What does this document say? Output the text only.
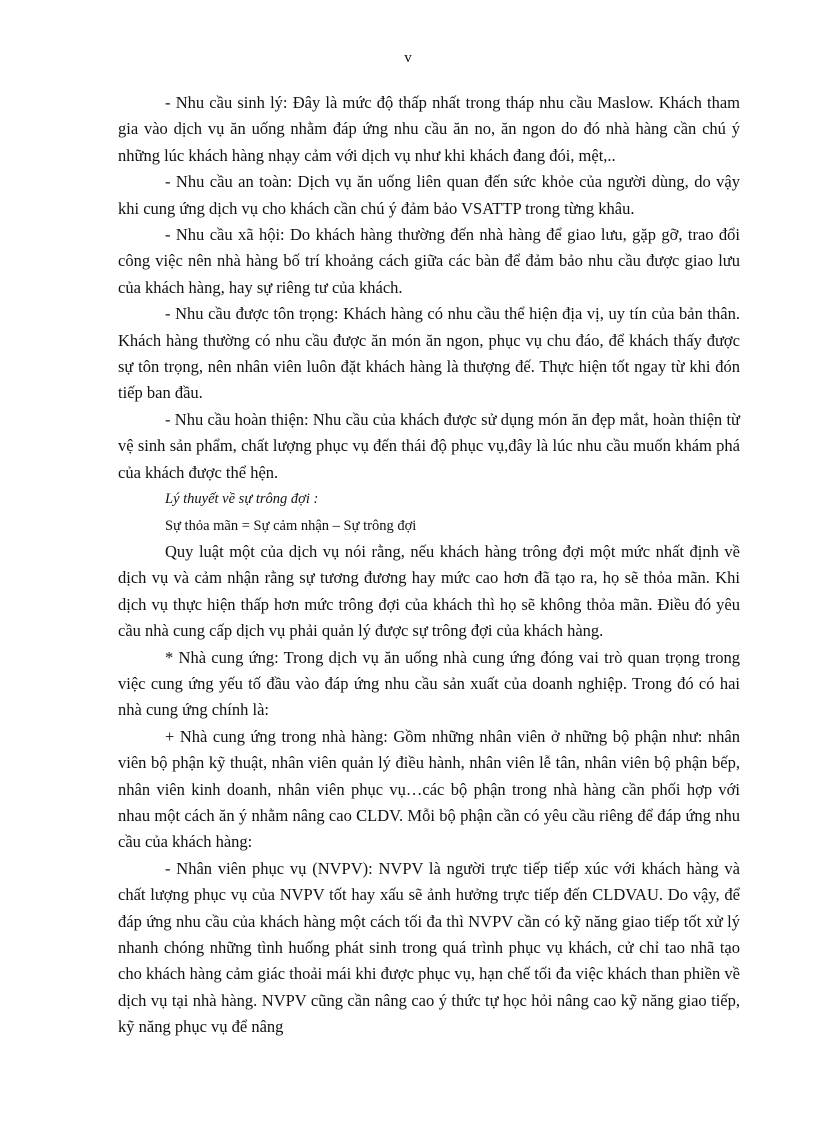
v

- Nhu cầu sinh lý: Đây là mức độ thấp nhất trong tháp nhu cầu Maslow. Khách tham gia vào dịch vụ ăn uống nhằm đáp ứng nhu cầu ăn no, ăn ngon do đó nhà hàng cần chú ý những lúc khách hàng nhạy cảm với dịch vụ như khi khách đang đói, mệt,..

- Nhu cầu an toàn: Dịch vụ ăn uống liên quan đến sức khỏe của người dùng, do vậy khi cung ứng dịch vụ cho khách cần chú ý đảm bảo VSATTP trong từng khâu.

- Nhu cầu xã hội: Do khách hàng thường đến nhà hàng để giao lưu, gặp gỡ, trao đổi công việc nên nhà hàng bố trí khoảng cách giữa các bàn để đảm bảo nhu cầu được giao lưu của khách hàng, hay sự riêng tư của khách.

- Nhu cầu được tôn trọng: Khách hàng có nhu cầu thể hiện địa vị, uy tín của bản thân. Khách hàng thường có nhu cầu được ăn món ăn ngon, phục vụ chu đáo, để khách thấy được sự tôn trọng, nên nhân viên luôn đặt khách hàng là thượng đế. Thực hiện tốt ngay từ khi đón tiếp ban đầu.

- Nhu cầu hoàn thiện: Nhu cầu của khách được sử dụng món ăn đẹp mắt, hoàn thiện từ vệ sinh sản phẩm, chất lượng phục vụ đến thái độ phục vụ,đây là lúc nhu cầu muốn khám phá của khách được thể hện.

Lý thuyết về sự trông đợi :

Sự thỏa mãn = Sự cảm nhận – Sự trông đợi

Quy luật một của dịch vụ nói rằng, nếu khách hàng trông đợi một mức nhất định về dịch vụ và cảm nhận rằng sự tương đương hay mức cao hơn đã tạo ra, họ sẽ thỏa mãn. Khi dịch vụ thực hiện thấp hơn mức trông đợi của khách thì họ sẽ không thỏa mãn. Điều đó yêu cầu nhà cung cấp dịch vụ phải quản lý được sự trông đợi của khách hàng.

* Nhà cung ứng: Trong dịch vụ ăn uống nhà cung ứng đóng vai trò quan trọng trong việc cung ứng yếu tố đầu vào đáp ứng nhu cầu sản xuất của doanh nghiệp. Trong đó có hai nhà cung ứng chính là:

+ Nhà cung ứng trong nhà hàng: Gồm những nhân viên ở những bộ phận như: nhân viên bộ phận kỹ thuật, nhân viên quản lý điều hành, nhân viên lễ tân, nhân viên bộ phận bếp, nhân viên kinh doanh, nhân viên phục vụ…các bộ phận trong nhà hàng cần phối hợp với nhau một cách ăn ý nhằm nâng cao CLDV. Mỗi bộ phận cần có yêu cầu riêng để đáp ứng nhu cầu của khách hàng:

- Nhân viên phục vụ (NVPV): NVPV là người trực tiếp tiếp xúc với khách hàng và chất lượng phục vụ của NVPV tốt hay xấu sẽ ảnh hưởng trực tiếp đến CLDVAU. Do vậy, để đáp ứng nhu cầu của khách hàng một cách tối đa thì NVPV cần có kỹ năng giao tiếp tốt xử lý nhanh chóng những tình huống phát sinh trong quá trình phục vụ khách, cử chỉ tao nhã tạo cho khách hàng cảm giác thoải mái khi được phục vụ, hạn chế tối đa việc khách than phiền về dịch vụ tại nhà hàng. NVPV cũng cần nâng cao ý thức tự học hỏi nâng cao kỹ năng giao tiếp, kỹ năng phục vụ để nâng
